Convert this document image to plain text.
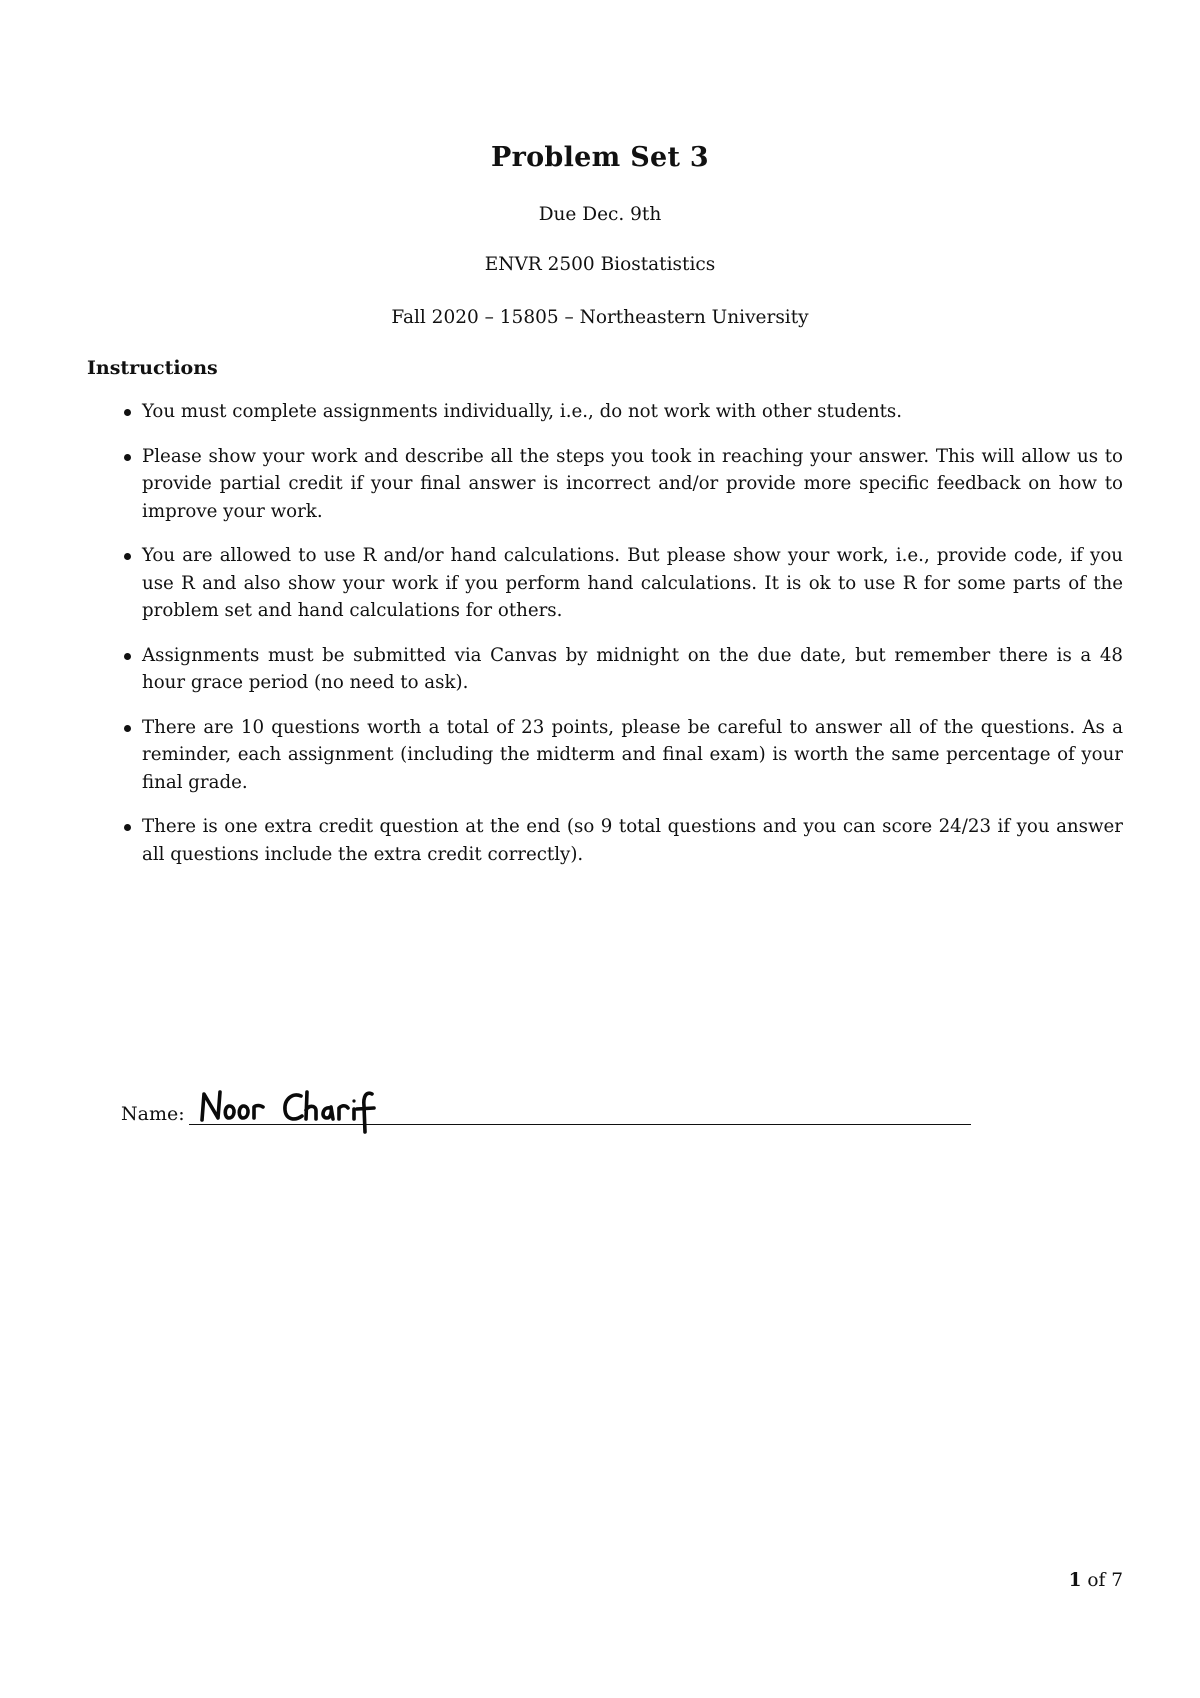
Problem Set 3
Due Dec. 9th
ENVR 2500 Biostatistics
Fall 2020 – 15805 – Northeastern University
Instructions
You must complete assignments individually, i.e., do not work with other students.
Please show your work and describe all the steps you took in reaching your answer. This will allow us to provide partial credit if your final answer is incorrect and/or provide more specific feedback on how to improve your work.
You are allowed to use R and/or hand calculations. But please show your work, i.e., provide code, if you use R and also show your work if you perform hand calculations. It is ok to use R for some parts of the problem set and hand calculations for others.
Assignments must be submitted via Canvas by midnight on the due date, but remember there is a 48 hour grace period (no need to ask).
There are 10 questions worth a total of 23 points, please be careful to answer all of the questions. As a reminder, each assignment (including the midterm and final exam) is worth the same percentage of your final grade.
There is one extra credit question at the end (so 9 total questions and you can score 24/23 if you answer all questions include the extra credit correctly).
Name:
1 of 7
